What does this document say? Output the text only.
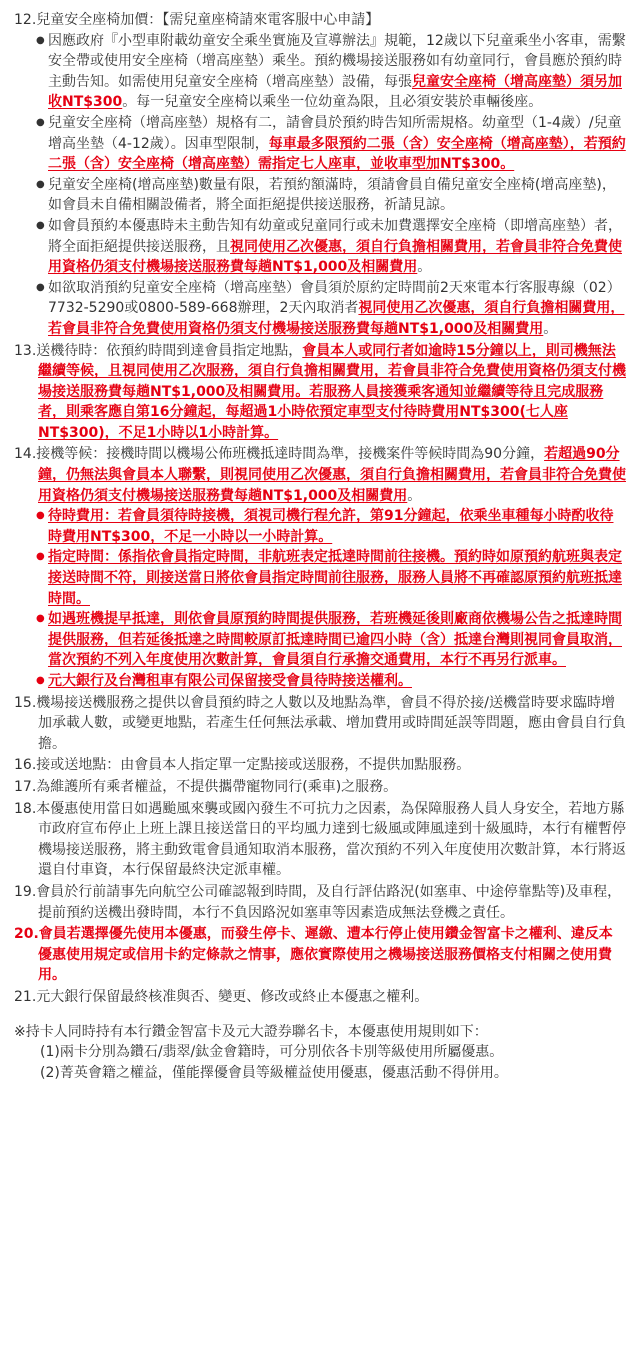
12.兒童安全座椅加價：【需兒童座椅請來電客服中心申請】
● 因應政府『小型車附載幼童安全乘坐實施及宣導辦法』規範，12歲以下兒童乘坐小客車，需繫安全帶或使用安全座椅（增高座墊）乘坐。預約機場接送服務如有幼童同行，會員應於預約時主動告知。如需使用兒童安全座椅（增高座墊）設備，每張兒童安全座椅（增高座墊）須另加收NT$300。每一兒童安全座椅以乘坐一位幼童為限，且必須安裝於車輛後座。
● 兒童安全座椅（增高座墊）規格有二，請會員於預約時告知所需規格。幼童型（1-4歲）/兒童增高坐墊（4-12歲）。因車型限制，每車最多限預約二張（含）安全座椅（增高座墊），若預約二張（含）安全座椅（增高座墊）需指定七人座車，並收車型加NT$300。
● 兒童安全座椅(增高座墊)數量有限，若預約額滿時，須請會員自備兒童安全座椅(增高座墊)，如會員未自備相關設備者，將全面拒絕提供接送服務，祈請見諒。
● 如會員預約本優惠時未主動告知有幼童或兒童同行或未加費選擇安全座椅（即增高座墊）者，將全面拒絕提供接送服務，且視同使用乙次優惠，須自行負擔相關費用，若會員非符合免費使用資格仍須支付機場接送服務費每趟NT$1,000及相關費用。
● 如欲取消預約兒童安全座椅（增高座墊）會員須於原約定時間前2天來電本行客服專線（02）7732-5290或0800-589-668辦理，2天內取消者視同使用乙次優惠，須自行負擔相關費用，若會員非符合免費使用資格仍須支付機場接送服務費每趟NT$1,000及相關費用。
13.送機待時：依預約時間到達會員指定地點，會員本人或同行者如逾時15分鐘以上，則司機無法繼續等候，且視同使用乙次服務，須自行負擔相關費用，若會員非符合免費使用資格仍須支付機場接送服務費每趟NT$1,000及相關費用。若服務人員接獲乘客通知並繼續等待且完成服務者，則乘客應自第16分鐘起，每超過1小時依預定車型支付待時費用NT$300(七人座NT$300)，不足1小時以1小時計算。
14.接機等候：接機時間以機場公佈班機抵達時間為準，接機案件等候時間為90分鐘，若超過90分鐘，仍無法與會員本人聯繫，則視同使用乙次優惠，須自行負擔相關費用，若會員非符合免費使用資格仍須支付機場接送服務費每趟NT$1,000及相關費用。
● 待時費用：若會員須待時接機，須視司機行程允許，第91分鐘起，依乘坐車種每小時酌收待時費用NT$300，不足一小時以一小時計算。
● 指定時間：係指依會員指定時間，非航班表定抵達時間前往接機。預約時如原預約航班與表定接送時間不符，則接送當日將依會員指定時間前往服務，服務人員將不再確認原預約航班抵達時間。
● 如遇班機提早抵達，則依會員原預約時間提供服務，若班機延後則廠商依機場公告之抵達時間提供服務，但若延後抵達之時間較原訂抵達時間已逾四小時（含）抵達台灣則視同會員取消，當次預約不列入年度使用次數計算，會員須自行承擔交通費用，本行不再另行派車。
● 元大銀行及台灣租車有限公司保留接受會員待時接送權利。
15.機場接送機服務之提供以會員預約時之人數以及地點為準，會員不得於接/送機當時要求臨時增加承載人數，或變更地點，若產生任何無法承載、增加費用或時間延誤等問題，應由會員自行負擔。
16.接或送地點：由會員本人指定單一定點接或送服務，不提供加點服務。
17.為維護所有乘者權益，不提供攜帶寵物同行(乘車)之服務。
18.本優惠使用當日如遇颱風來襲或國內發生不可抗力之因素，為保障服務人員人身安全，若地方縣市政府宣布停止上班上課且接送當日的平均風力達到七級風或陣風達到十級風時，本行有權暫停機場接送服務，將主動致電會員通知取消本服務，當次預約不列入年度使用次數計算，本行將返還自付車資，本行保留最終決定派車權。
19.會員於行前請事先向航空公司確認報到時間，及自行評估路況(如塞車、中途停靠點等)及車程，提前預約送機出發時間，本行不負因路況如塞車等因素造成無法登機之責任。
20.會員若選擇優先使用本優惠，而發生停卡、遲繳、遭本行停止使用鑽金智富卡之權利、違反本優惠使用規定或信用卡約定條款之情事，應依實際使用之機場接送服務價格支付相關之使用費用。
21.元大銀行保留最終核准與否、變更、修改或終止本優惠之權利。
※持卡人同時持有本行鑽金智富卡及元大證券聯名卡，本優惠使用規則如下：
(1)兩卡分別為鑽石/翡翠/鈦金會籍時，可分別依各卡別等級使用所屬優惠。
(2)菁英會籍之權益，僅能擇優會員等級權益使用優惠，優惠活動不得併用。
